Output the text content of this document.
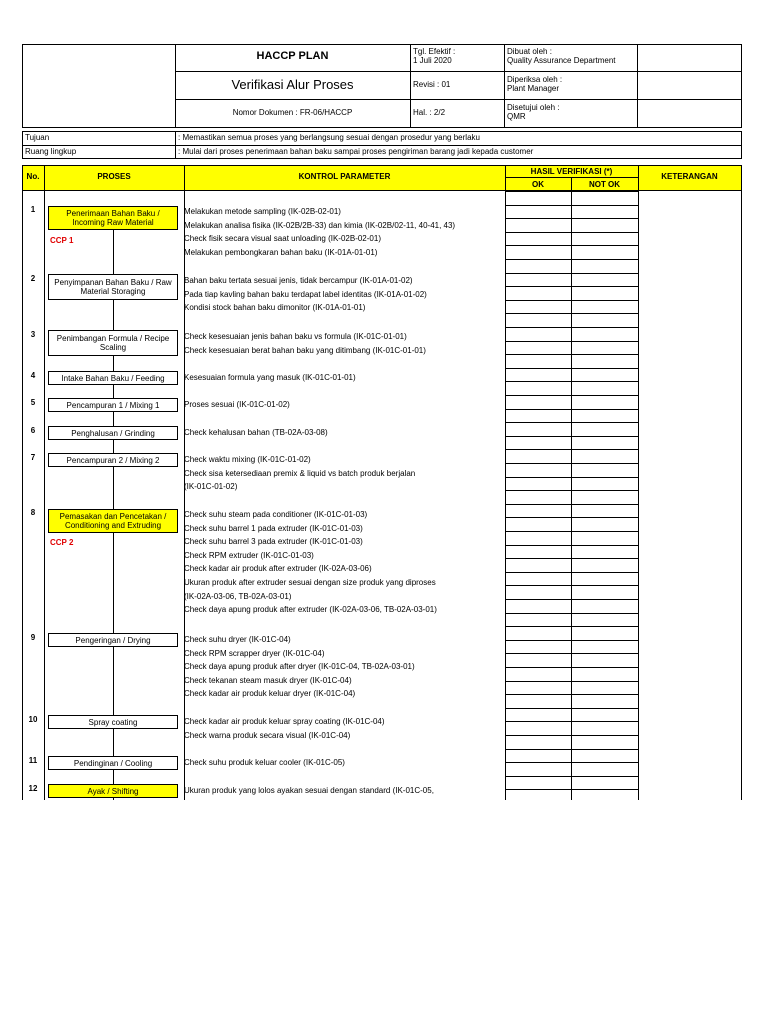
HACCP PLAN
Verifikasi Alur Proses
Nomor Dokumen : FR-06/HACCP
Tgl. Efektif :
1 Juli 2020
Revisi : 01
Hal. : 2/2
Dibuat oleh :
Quality Assurance Department
Diperiksa oleh :
Plant Manager
Disetujui oleh :
QMR
Tujuan	: Memastikan semua proses yang berlangsung sesuai dengan prosedur yang berlaku
Ruang lingkup	: Mulai dari proses penerimaan bahan baku sampai proses pengiriman barang jadi kepada customer
No.	PROSES	KONTROL PARAMETER
HASIL VERIFIKASI (*)
OK	NOT OK
KETERANGAN
1	Penerimaan Bahan Baku / Incoming Raw Material
CCP 1
Melakukan metode sampling (IK-02B-02-01)
Melakukan analisa fisika (IK-02B/2B-33) dan kimia (IK-02B/02-11, 40-41, 43)
Check fisik secara visual saat unloading (IK-02B-02-01)
Melakukan pembongkaran bahan baku (IK-01A-01-01)
2	Penyimpanan Bahan Baku / Raw Material Storaging
Bahan baku tertata sesuai jenis, tidak bercampur (IK-01A-01-02)
Pada tiap kavling bahan baku terdapat label identitas (IK-01A-01-02)
Kondisi stock bahan baku dimonitor (IK-01A-01-01)
3	Penimbangan Formula / Recipe Scaling
Check kesesuaian jenis bahan baku vs formula (IK-01C-01-01)
Check kesesuaian berat bahan baku yang ditimbang (IK-01C-01-01)
4	Intake Bahan Baku / Feeding	Kesesuaian formula yang masuk (IK-01C-01-01)
5	Pencampuran 1 / Mixing 1	Proses sesuai (IK-01C-01-02)
6	Penghalusan / Grinding	Check kehalusan bahan (TB-02A-03-08)
7	Pencampuran 2 / Mixing 2	Check waktu mixing (IK-01C-01-02)
Check sisa ketersediaan premix & liquid vs batch produk berjalan
(IK-01C-01-02)
8	Pemasakan dan Pencetakan / Conditioning and Extruding
CCP 2
Check suhu steam pada conditioner (IK-01C-01-03)
Check suhu barrel 1 pada extruder (IK-01C-01-03)
Check suhu barrel 3 pada extruder (IK-01C-01-03)
Check RPM extruder (IK-01C-01-03)
Check kadar air produk after extruder (IK-02A-03-06)
Ukuran produk after extruder sesuai dengan size produk yang diproses
(IK-02A-03-06, TB-02A-03-01)
Check daya apung produk after extruder (IK-02A-03-06, TB-02A-03-01)
9	Pengeringan / Drying	Check suhu dryer (IK-01C-04)
Check RPM scrapper dryer (IK-01C-04)
Check daya apung produk after dryer (IK-01C-04, TB-02A-03-01)
Check tekanan steam masuk dryer (IK-01C-04)
Check kadar air produk keluar dryer (IK-01C-04)
10	Spray coating	Check kadar air produk keluar spray coating (IK-01C-04)
Check warna produk secara visual (IK-01C-04)
11	Pendinginan / Cooling	Check suhu produk keluar cooler (IK-01C-05)
12	Ayak / Shifting	Ukuran produk yang lolos ayakan sesuai dengan standard (IK-01C-05,
